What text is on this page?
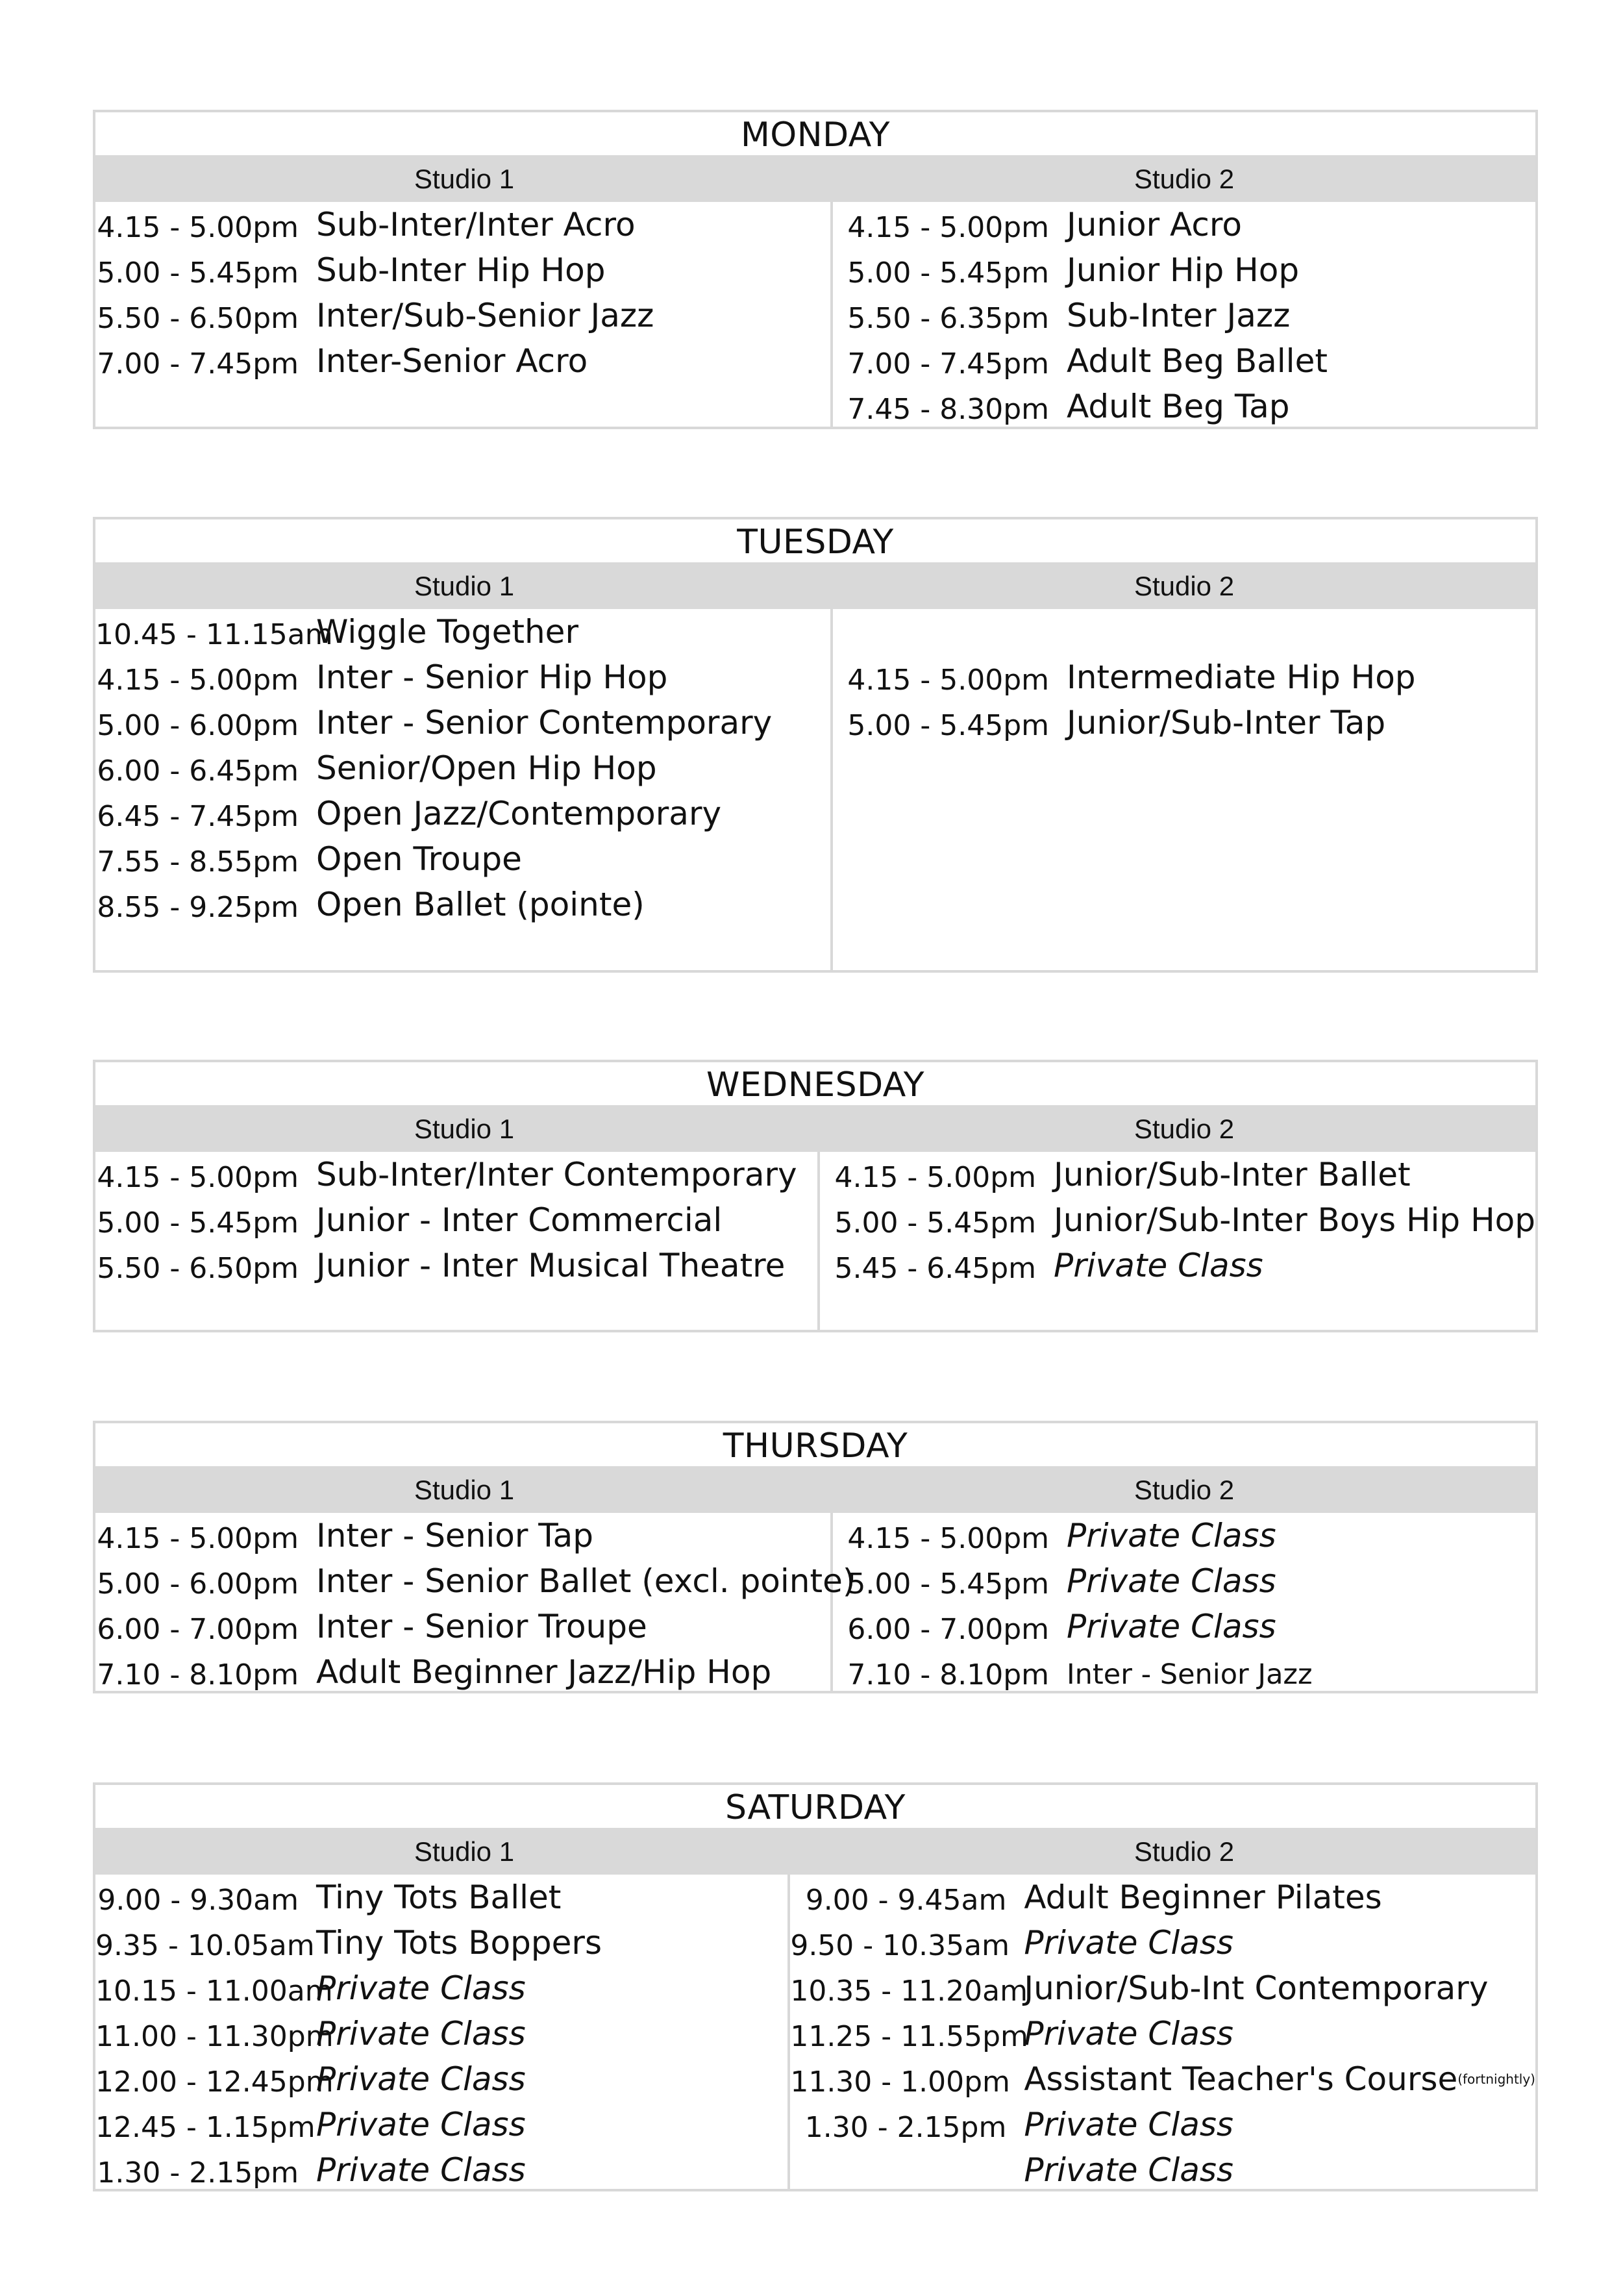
MONDAY
Studio 1	Studio 2
4.15 - 5.00pm Sub-Inter/Inter Acro
5.00 - 5.45pm Sub-Inter Hip Hop
5.50 - 6.50pm Inter/Sub-Senior Jazz
7.00 - 7.45pm Inter-Senior Acro
4.15 - 5.00pm Junior Acro
5.00 - 5.45pm Junior Hip Hop
5.50 - 6.35pm Sub-Inter Jazz
7.00 - 7.45pm Adult Beg Ballet
7.45 - 8.30pm Adult Beg Tap
TUESDAY
Studio 1	Studio 2
10.45 - 11.15am
Wiggle Together
4.15 - 5.00pm Inter - Senior Hip Hop
5.00 - 6.00pm Inter - Senior Contemporary
6.00 - 6.45pm Senior/Open Hip Hop
6.45 - 7.45pm Open Jazz/Contemporary
7.55 - 8.55pm Open Troupe
8.55 - 9.25pm Open Ballet (pointe)
4.15 - 5.00pm Intermediate Hip Hop
5.00 - 5.45pm Junior/Sub-Inter Tap
WEDNESDAY
Studio 1	Studio 2
4.15 - 5.00pm Sub-Inter/Inter Contemporary
5.00 - 5.45pm Junior - Inter Commercial
5.50 - 6.50pm Junior - Inter Musical Theatre
4.15 - 5.00pm Junior/Sub-Inter Ballet
5.00 - 5.45pm Junior/Sub-Inter Boys Hip Hop
5.45 - 6.45pm Private Class
THURSDAY
Studio 1	Studio 2
4.15 - 5.00pm Inter - Senior Tap
5.00 - 6.00pm Inter - Senior Ballet (excl. pointe)
6.00 - 7.00pm Inter - Senior Troupe
7.10 - 8.10pm Adult Beginner Jazz/Hip Hop
4.15 - 5.00pm Private Class
5.00 - 5.45pm Private Class
6.00 - 7.00pm Private Class
7.10 - 8.10pm Inter - Senior Jazz
SATURDAY
Studio 1	Studio 2
9.00 - 9.30am Tiny Tots Ballet
9.35 - 10.05am Tiny Tots Boppers
10.15 - 11.00am
Private Class
11.00 - 11.30pm
Private Class
12.00 - 12.45pm
Private Class
12.45 - 1.15pm Private Class
1.30 - 2.15pm Private Class
9.00 - 9.45am Adult Beginner Pilates
9.50 - 10.35am Private Class
10.35 - 11.20am
Junior/Sub-Int Contemporary
11.25 - 11.55pm
Private Class
11.30 - 1.00pm Assistant Teacher's Course (fortnightly)
1.30 - 2.15pm Private Class
Private Class
